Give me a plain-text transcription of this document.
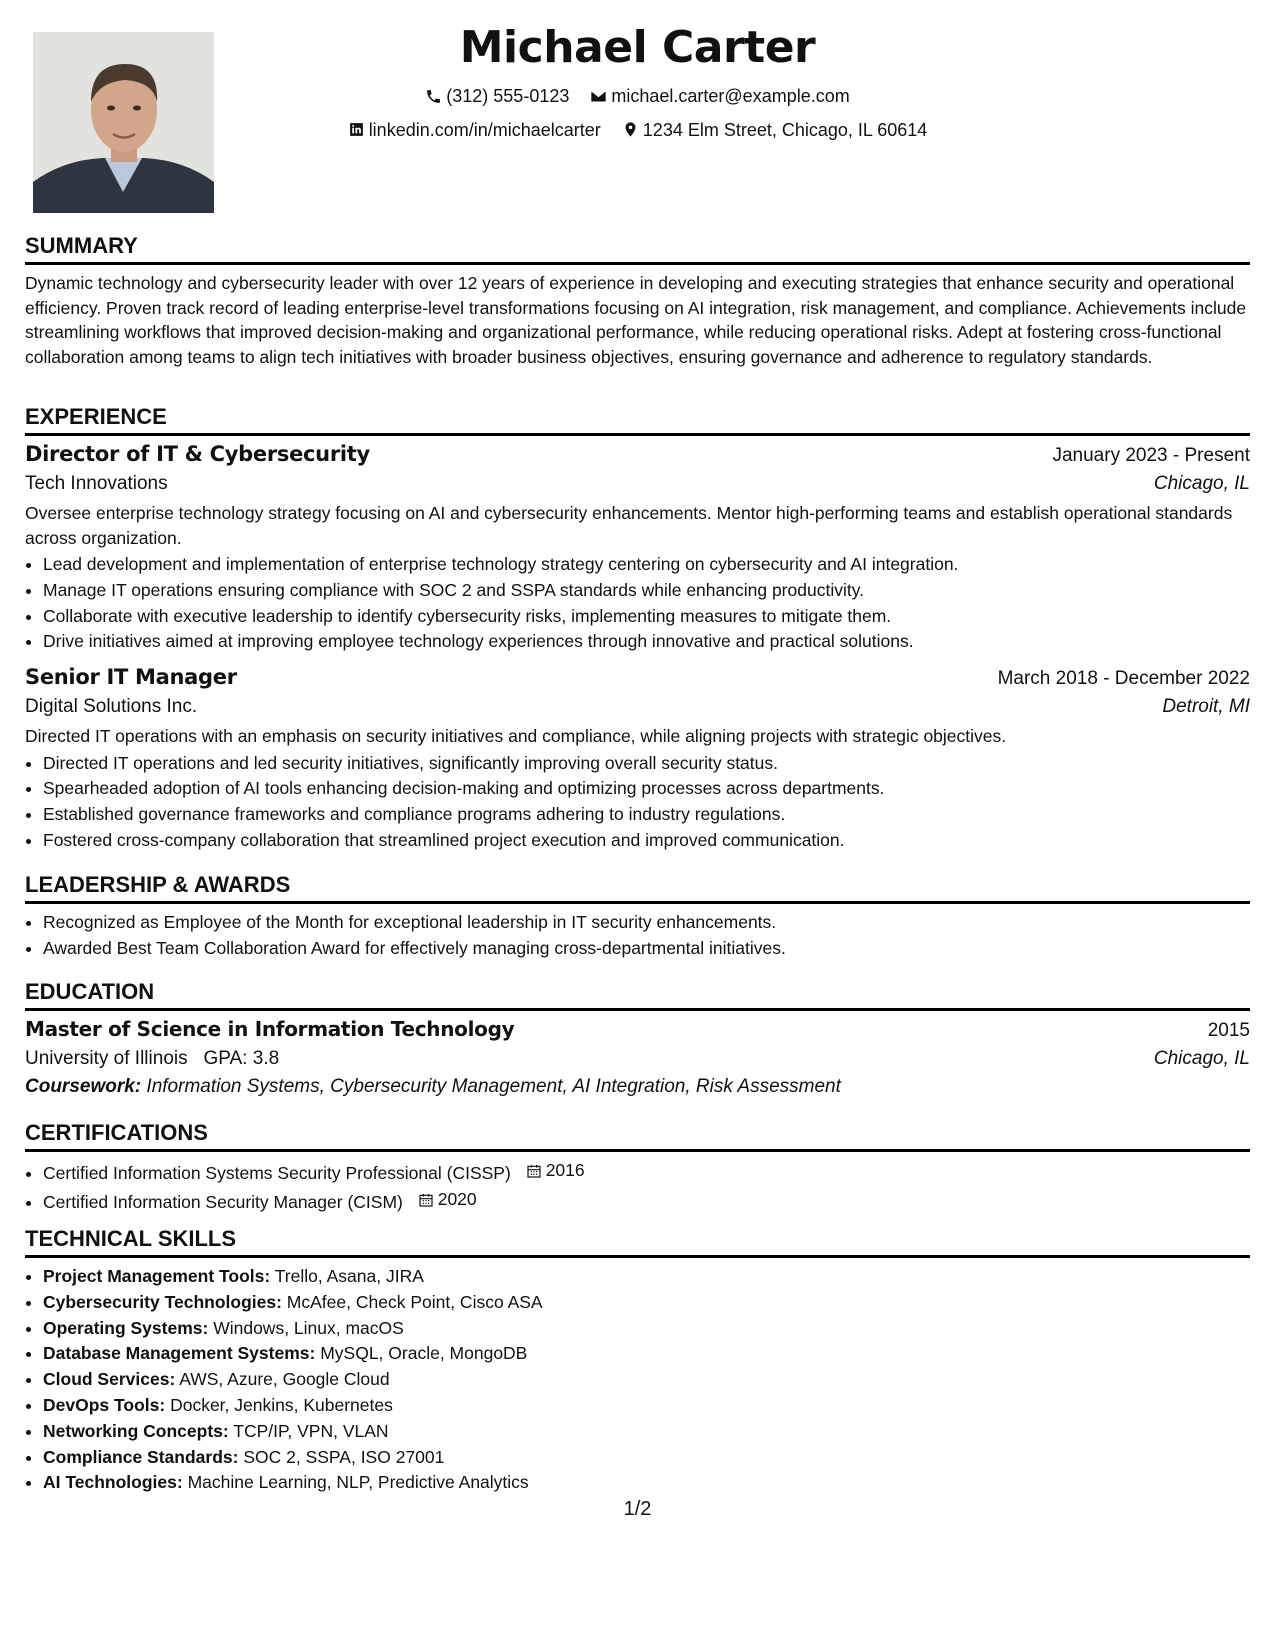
Michael Carter
(312) 555-0123
michael.carter@example.com
linkedin.com/in/michaelcarter
1234 Elm Street, Chicago, IL 60614
SUMMARY

Dynamic technology and cybersecurity leader with over 12 years of experience in developing and executing strategies that enhance security and operational efficiency. Proven track record of leading enterprise-level transformations focusing on AI integration, risk management, and compliance. Achievements include streamlining workflows that improved decision-making and organizational performance, while reducing operational risks. Adept at fostering cross-functional collaboration among teams to align tech initiatives with broader business objectives, ensuring governance and adherence to regulatory standards.

EXPERIENCE
Director of IT & Cybersecurity	January 2023 - Present
Tech Innovations	Chicago, IL

Oversee enterprise technology strategy focusing on AI and cybersecurity enhancements. Mentor high-performing teams and establish operational standards across organization.

• Lead development and implementation of enterprise technology strategy centering on cybersecurity and AI integration.
• Manage IT operations ensuring compliance with SOC 2 and SSPA standards while enhancing productivity.
• Collaborate with executive leadership to identify cybersecurity risks, implementing measures to mitigate them.
• Drive initiatives aimed at improving employee technology experiences through innovative and practical solutions.
Senior IT Manager	March 2018 - December 2022
Digital Solutions Inc.	Detroit, MI

Directed IT operations with an emphasis on security initiatives and compliance, while aligning projects with strategic objectives.

• Directed IT operations and led security initiatives, significantly improving overall security status.
• Spearheaded adoption of AI tools enhancing decision-making and optimizing processes across departments.
• Established governance frameworks and compliance programs adhering to industry regulations.
• Fostered cross-company collaboration that streamlined project execution and improved communication.
LEADERSHIP & AWARDS
• Recognized as Employee of the Month for exceptional leadership in IT security enhancements.
• Awarded Best Team Collaboration Award for effectively managing cross-departmental initiatives.
EDUCATION
Master of Science in Information Technology	2015
University of Illinois GPA: 3.8	Chicago, IL
Coursework: Information Systems, Cybersecurity Management, AI Integration, Risk Assessment
CERTIFICATIONS
• Certified Information Systems Security Professional (CISSP) 2016
• Certified Information Security Manager (CISM) 2020
TECHNICAL SKILLS
• Project Management Tools: Trello, Asana, JIRA
• Cybersecurity Technologies: McAfee, Check Point, Cisco ASA
• Operating Systems: Windows, Linux, macOS
• Database Management Systems: MySQL, Oracle, MongoDB
• Cloud Services: AWS, Azure, Google Cloud
• DevOps Tools: Docker, Jenkins, Kubernetes
• Networking Concepts: TCP/IP, VPN, VLAN
• Compliance Standards: SOC 2, SSPA, ISO 27001
• AI Technologies: Machine Learning, NLP, Predictive Analytics
1/2
